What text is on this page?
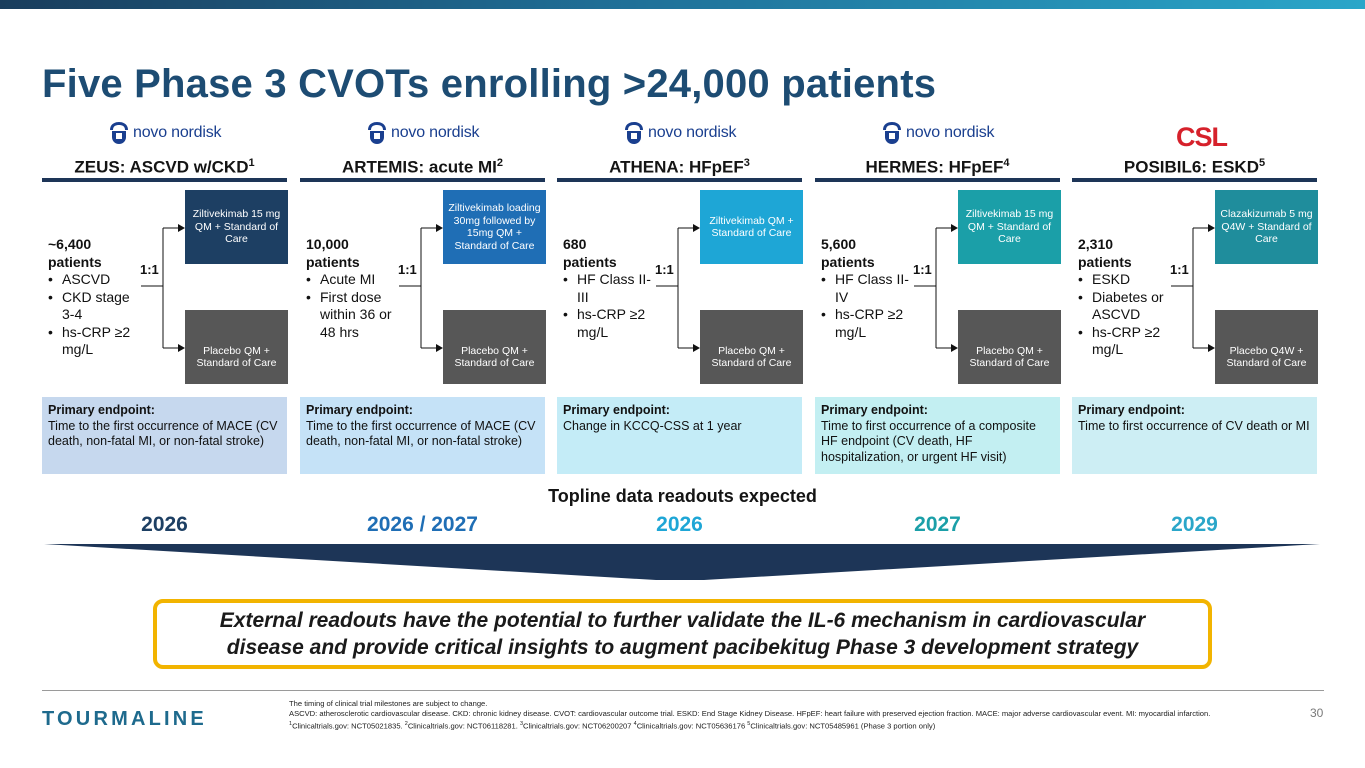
Five Phase 3 CVOTs enrolling >24,000 patients
novo nordisk
ZEUS: ASCVD w/CKD$^1$
~6,400
patients
• ASCVD
• CKD stage 3-4
• hs-CRP ≥2 mg/L
1:1
Ziltivekimab 15 mg QM + Standard of Care
Placebo QM + Standard of Care
Primary endpoint:
Time to the first occurrence of MACE (CV death, non-fatal MI, or non-fatal stroke)
novo nordisk
ARTEMIS: acute $MI^2$
10,000
patients
• Acute MI
• First dose within 36 or 48 hrs
1:1
Ziltivekimab loading 30mg followed by 15mg QM + Standard of Care
Placebo QM + Standard of Care
Primary endpoint:
Time to the first occurrence of MACE (CV death, non-fatal MI, or non-fatal stroke)
novo nordisk
ATHENA: HFpEF$^3$
680
patients
• HF Class II-III
• hs-CRP ≥2 mg/L
1:1
Ziltivekimab QM + Standard of Care
Placebo QM + Standard of Care
Primary endpoint:
Change in KCCQ-CSS at 1 year
novo nordisk
HERMES: HFpEF$^4$
5,600
patients
• HF Class II-IV
• hs-CRP ≥2 mg/L
1:1
Ziltivekimab 15 mg QM + Standard of Care
Placebo QM + Standard of Care
Primary endpoint:
Time to first occurrence of a composite HF endpoint (CV death, HF hospitalization, or urgent HF visit)
CSL
POSIBIL6: ESKD$^5$
2,310
patients
• ESKD
• Diabetes or ASCVD
• hs-CRP ≥2 mg/L
1:1
Clazakizumab 5 mg Q4W + Standard of Care
Placebo Q4W + Standard of Care
Primary endpoint:
Time to first occurrence of CV death or MI
Topline data readouts expected
2026	2026 / 2027	2026	2027	2029
External readouts have the potential to further validate the IL-6 mechanism in cardiovascular
disease and provide critical insights to augment pacibekitug Phase 3 development strategy
TOURMALINE
The timing of clinical trial milestones are subject to change.
ASCVD: atherosclerotic cardiovascular disease. CKD: chronic kidney disease. CVOT: cardiovascular outcome trial. ESKD: End Stage Kidney Disease. HFpEF: heart failure with preserved ejection fraction. MACE: major adverse cardiovascular event. MI: myocardial infarction.
$^1$Clinicaltrials.gov: NCT05021835. $^2$Clinicaltrials.gov: NCT06118281. $^3$Clinicaltrials.gov: NCT06200207 $^4$Clinicaltrials.gov: NCT05636176 $^5$Clinicaltrials.gov: NCT05485961 (Phase 3 portion only)
30
